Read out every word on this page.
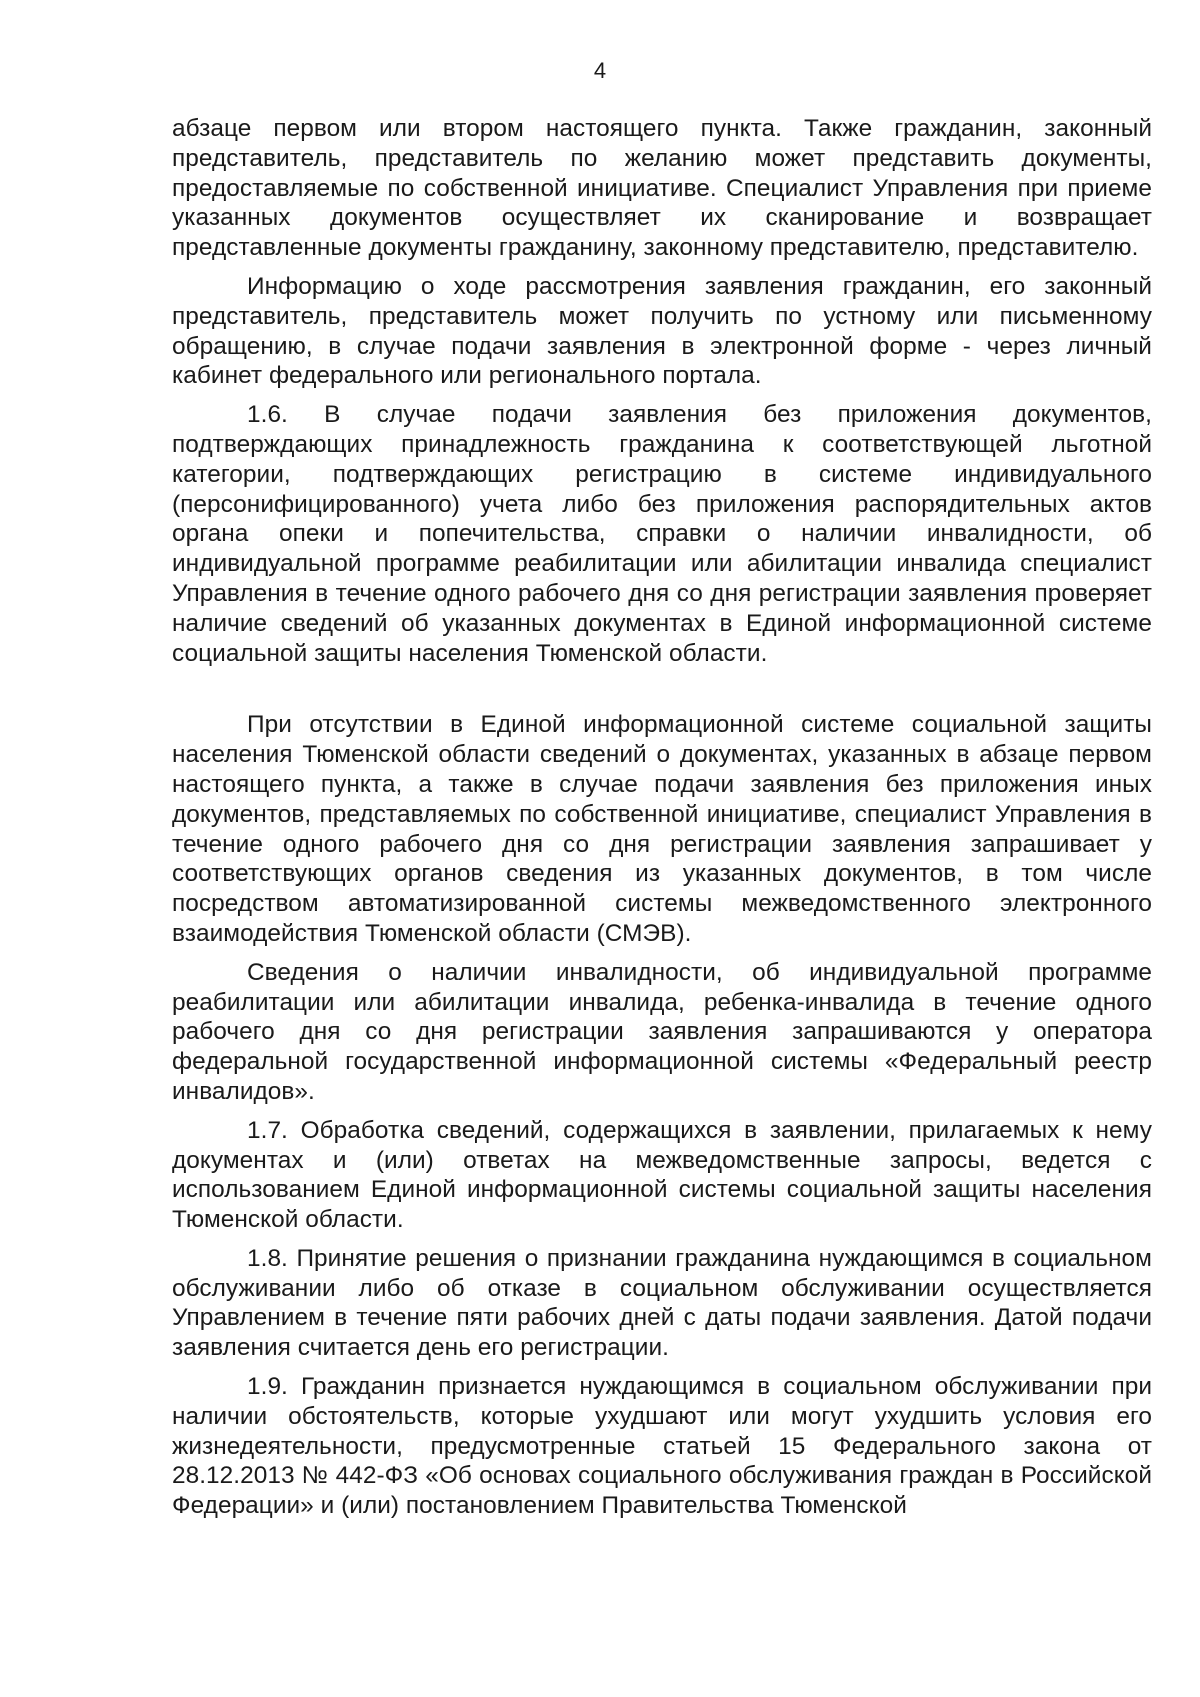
4

абзаце первом или втором настоящего пункта. Также гражданин, законный представитель, представитель по желанию может представить документы, предоставляемые по собственной инициативе. Специалист Управления при приеме указанных документов осуществляет их сканирование и возвращает представленные документы гражданину, законному представителю, представителю.

Информацию о ходе рассмотрения заявления гражданин, его законный представитель, представитель может получить по устному или письменному обращению, в случае подачи заявления в электронной форме - через личный кабинет федерального или регионального портала.

1.6. В случае подачи заявления без приложения документов, подтверждающих принадлежность гражданина к соответствующей льготной категории, подтверждающих регистрацию в системе индивидуального (персонифицированного) учета либо без приложения распорядительных актов органа опеки и попечительства, справки о наличии инвалидности, об индивидуальной программе реабилитации или абилитации инвалида специалист Управления в течение одного рабочего дня со дня регистрации заявления проверяет наличие сведений об указанных документах в Единой информационной системе социальной защиты населения Тюменской области.

При отсутствии в Единой информационной системе социальной защиты населения Тюменской области сведений о документах, указанных в абзаце первом настоящего пункта, а также в случае подачи заявления без приложения иных документов, представляемых по собственной инициативе, специалист Управления в течение одного рабочего дня со дня регистрации заявления запрашивает у соответствующих органов сведения из указанных документов, в том числе посредством автоматизированной системы межведомственного электронного взаимодействия Тюменской области (СМЭВ).

Сведения о наличии инвалидности, об индивидуальной программе реабилитации или абилитации инвалида, ребенка-инвалида в течение одного рабочего дня со дня регистрации заявления запрашиваются у оператора федеральной государственной информационной системы «Федеральный реестр инвалидов».

1.7. Обработка сведений, содержащихся в заявлении, прилагаемых к нему документах и (или) ответах на межведомственные запросы, ведется с использованием Единой информационной системы социальной защиты населения Тюменской области.

1.8. Принятие решения о признании гражданина нуждающимся в социальном обслуживании либо об отказе в социальном обслуживании осуществляется Управлением в течение пяти рабочих дней с даты подачи заявления. Датой подачи заявления считается день его регистрации.

1.9. Гражданин признается нуждающимся в социальном обслуживании при наличии обстоятельств, которые ухудшают или могут ухудшить условия его жизнедеятельности, предусмотренные статьей 15 Федерального закона от 28.12.2013 № 442-ФЗ «Об основах социального обслуживания граждан в Российской Федерации» и (или) постановлением Правительства Тюменской
